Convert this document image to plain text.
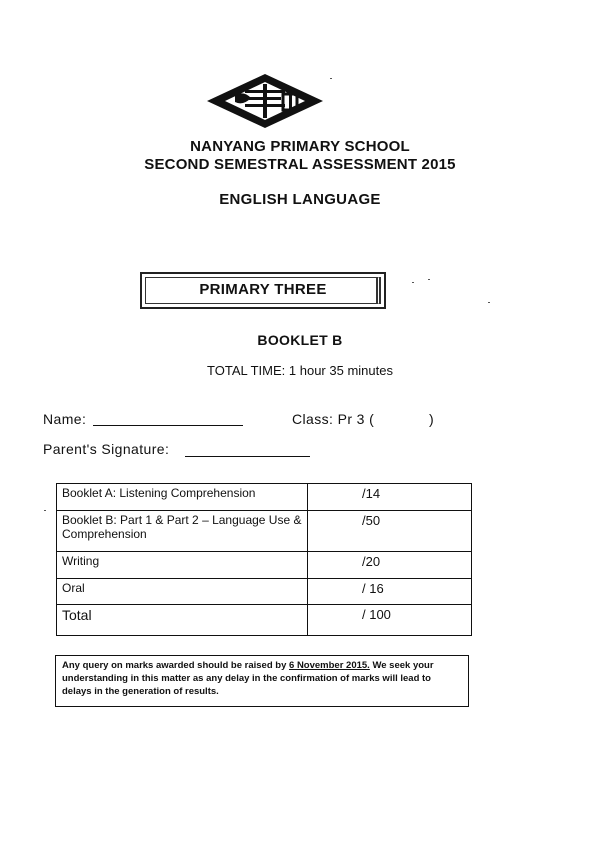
NANYANG PRIMARY SCHOOL
SECOND SEMESTRAL ASSESSMENT 2015
ENGLISH LANGUAGE
PRIMARY THREE
BOOKLET B
TOTAL TIME: 1 hour 35 minutes
Name:	Class: Pr 3 (	)
Parent's Signature:
Booklet A: Listening Comprehension	/14
Booklet B: Part 1 & Part 2 – Language Use & Comprehension	/50
Writing	/20
Oral	/ 16
Total	/ 100
Any query on marks awarded should be raised by 6 November 2015. We seek your understanding in this matter as any delay in the confirmation of marks will lead to delays in the generation of results.
